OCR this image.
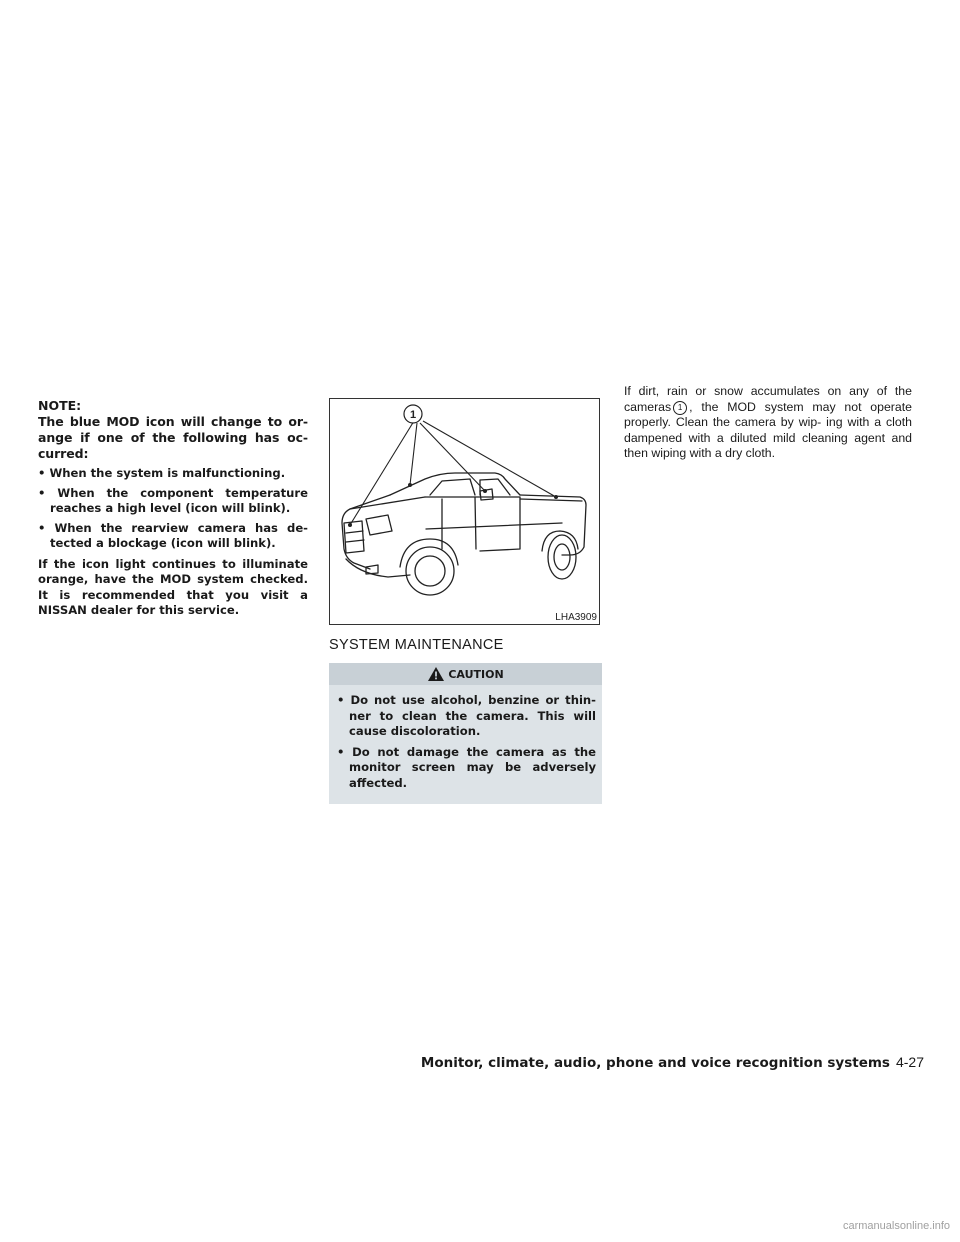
NOTE:

The blue MOD icon will change to or- ange if one of the following has oc- curred:

• When the system is malfunctioning.
• When the component temperature reaches a high level (icon will blink).
• When the rearview camera has de- tected a blockage (icon will blink).

If the icon light continues to illuminate orange, have the MOD system checked. It is recommended that you visit a NISSAN dealer for this service.

1
LHA3909
SYSTEM MAINTENANCE
CAUTION
• Do not use alcohol, benzine or thin- ner to clean the camera. This will cause discoloration.
• Do not damage the camera as the monitor screen may be adversely affected.

If dirt, rain or snow accumulates on any of the cameras 1 , the MOD system may not operate properly. Clean the camera by wip- ing with a cloth dampened with a diluted mild cleaning agent and then wiping with a dry cloth.

Monitor, climate, audio, phone and voice recognition systems 4-27
carmanualsonline.info
